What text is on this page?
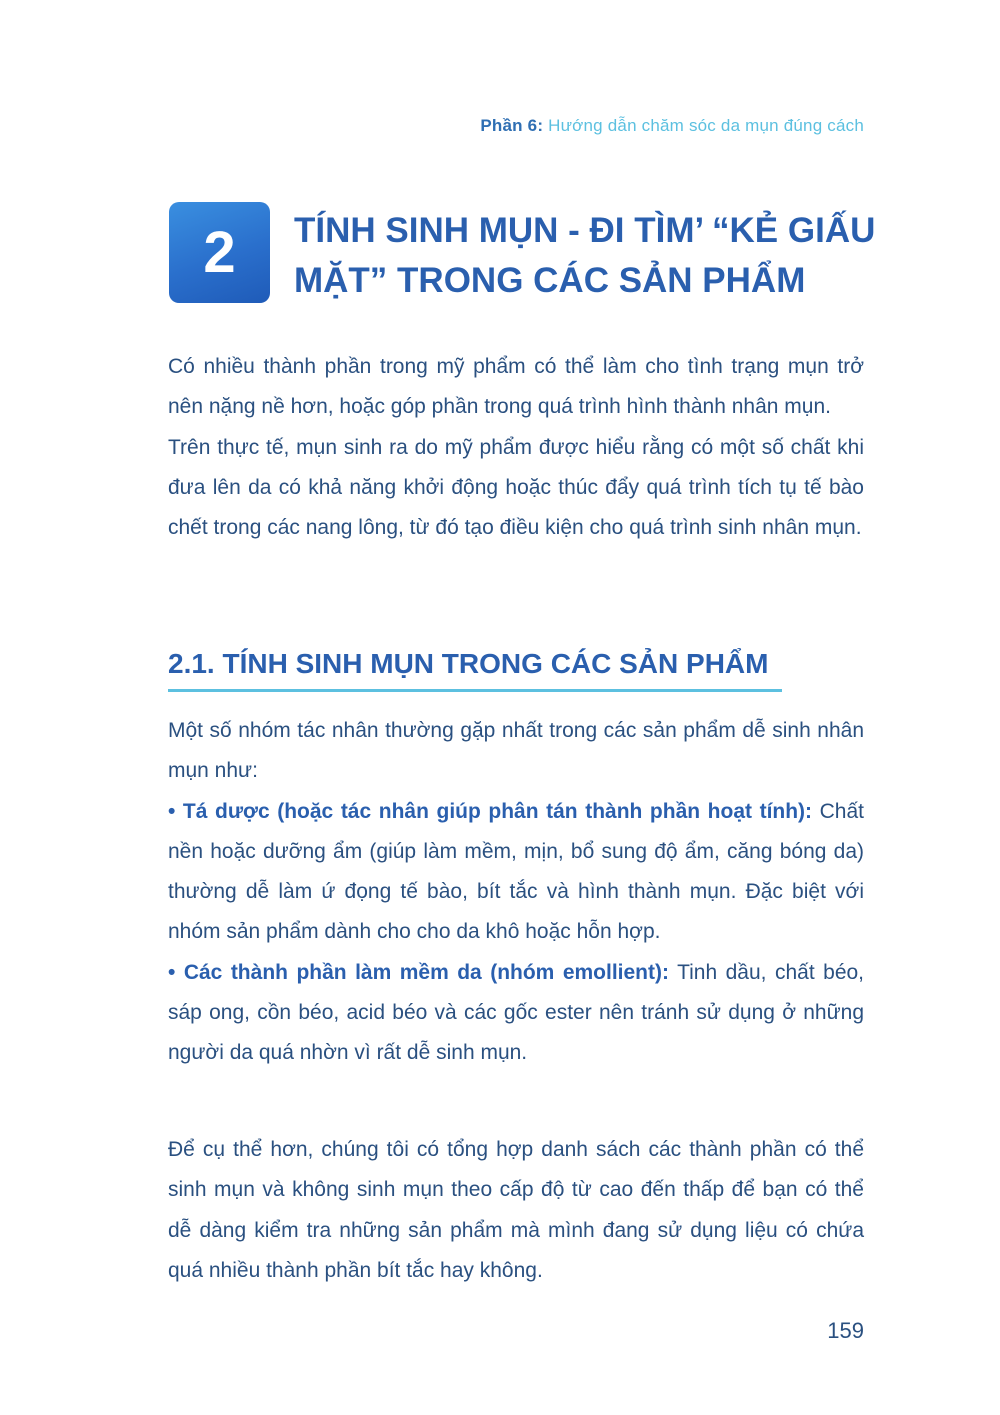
Phần 6: Hướng dẫn chăm sóc da mụn đúng cách
2	TÍNH SINH MỤN - ĐI TÌM’ “KẺ GIẤU MẶT” TRONG CÁC SẢN PHẨM

Có nhiều thành phần trong mỹ phẩm có thể làm cho tình trạng mụn trở nên nặng nề hơn, hoặc góp phần trong quá trình hình thành nhân mụn.

Trên thực tế, mụn sinh ra do mỹ phẩm được hiểu rằng có một số chất khi đưa lên da có khả năng khởi động hoặc thúc đẩy quá trình tích tụ tế bào chết trong các nang lông, từ đó tạo điều kiện cho quá trình sinh nhân mụn.

2.1. TÍNH SINH MỤN TRONG CÁC SẢN PHẨM

Một số nhóm tác nhân thường gặp nhất trong các sản phẩm dễ sinh nhân mụn như:

• Tá dược (hoặc tác nhân giúp phân tán thành phần hoạt tính): Chất nền hoặc dưỡng ẩm (giúp làm mềm, mịn, bổ sung độ ẩm, căng bóng da) thường dễ làm ứ đọng tế bào, bít tắc và hình thành mụn. Đặc biệt với nhóm sản phẩm dành cho cho da khô hoặc hỗn hợp.

• Các thành phần làm mềm da (nhóm emollient): Tinh dầu, chất béo, sáp ong, cồn béo, acid béo và các gốc ester nên tránh sử dụng ở những người da quá nhờn vì rất dễ sinh mụn.

Để cụ thể hơn, chúng tôi có tổng hợp danh sách các thành phần có thể sinh mụn và không sinh mụn theo cấp độ từ cao đến thấp để bạn có thể dễ dàng kiểm tra những sản phẩm mà mình đang sử dụng liệu có chứa quá nhiều thành phần bít tắc hay không.

159
